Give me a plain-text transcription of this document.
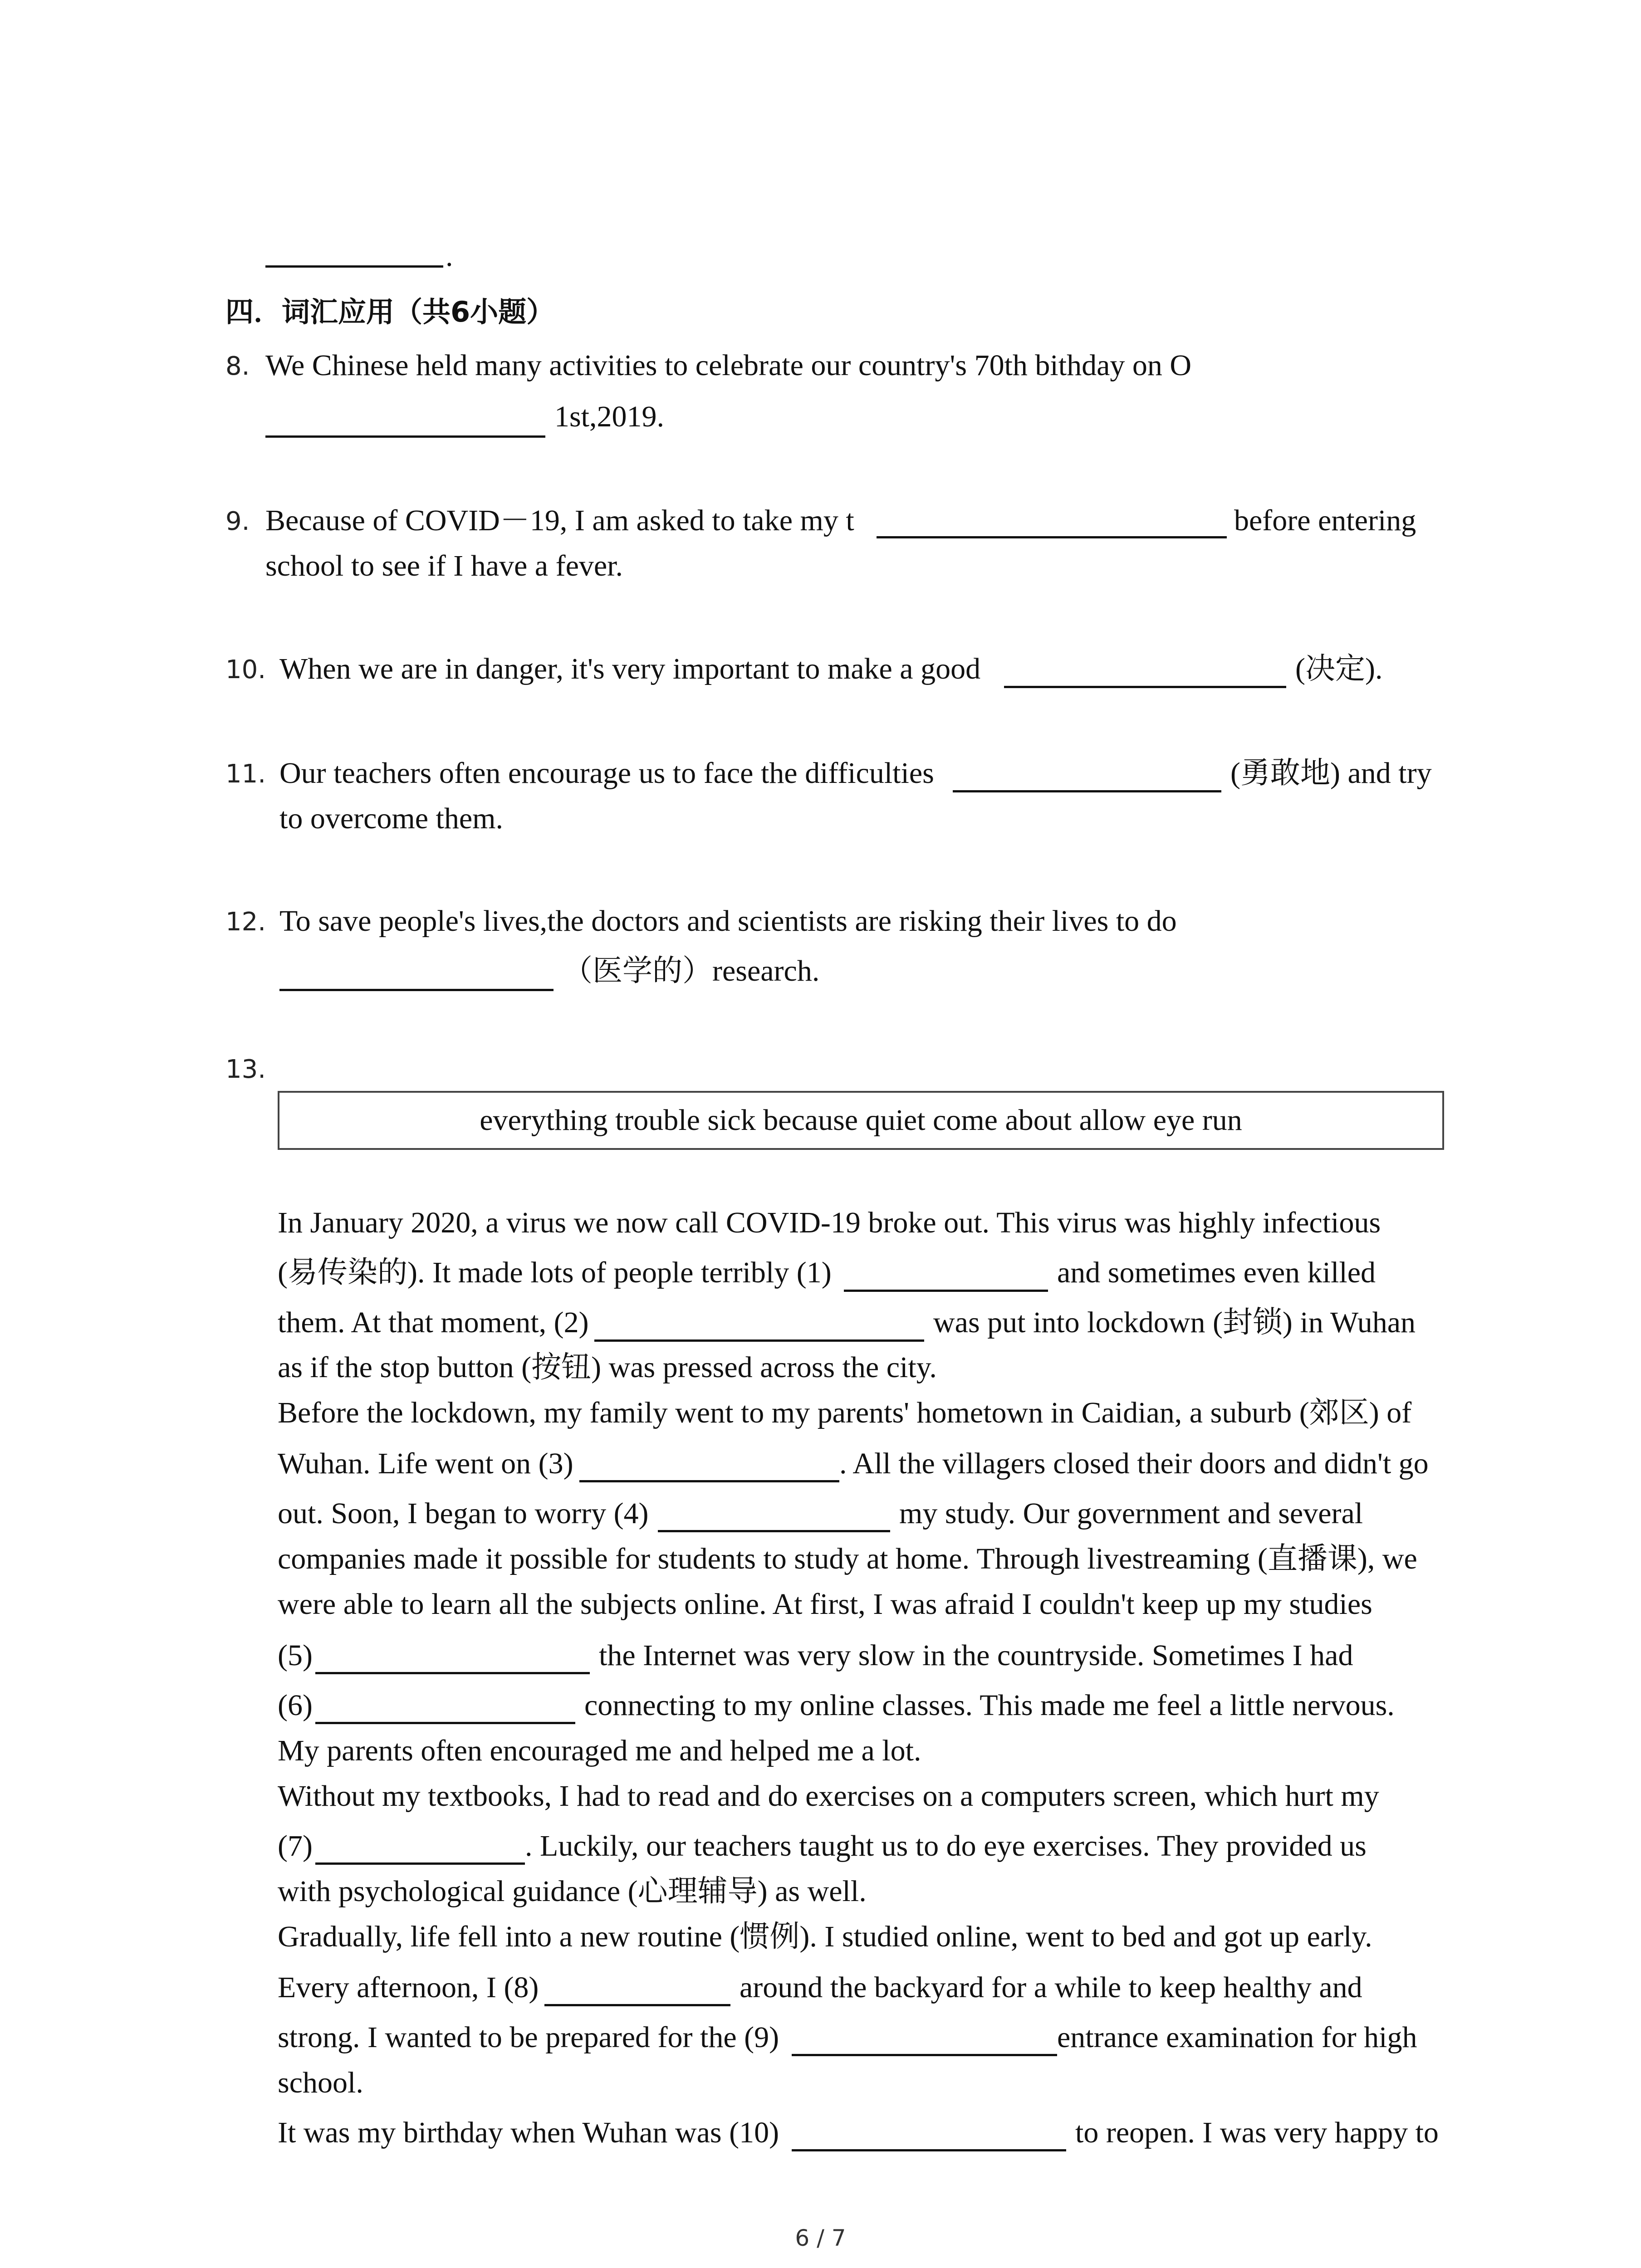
.
四．词汇应用（共6小题）
8. We Chinese held many activities to celebrate our country's 70th bithday on O
1st,2019.
9. Because of COVID－19, I am asked to take my t	before entering
school to see if I have a fever.
10. When we are in danger, it's very important to make a good	(决定).
11. Our teachers often encourage us to face the difficulties	(勇敢地) and try
to overcome them.
12. To save people's lives,the doctors and scientists are risking their lives to do
（医学的）research.
13.
everything trouble sick because quiet come about allow eye run
In January 2020, a virus we now call COVID-19 broke out. This virus was highly infectious
(易传染的). It made lots of people terribly (1)	and sometimes even killed
them. At that moment, (2)	was put into lockdown (封锁) in Wuhan
as if the stop button (按钮) was pressed across the city.
Before the lockdown, my family went to my parents' hometown in Caidian, a suburb (郊区) of
Wuhan. Life went on (3)	. All the villagers closed their doors and didn't go
out. Soon, I began to worry (4)	my study. Our government and several
companies made it possible for students to study at home. Through livestreaming (直播课), we
were able to learn all the subjects online. At first, I was afraid I couldn't keep up my studies
(5)	the Internet was very slow in the countryside. Sometimes I had
(6)	connecting to my online classes. This made me feel a little nervous.
My parents often encouraged me and helped me a lot.
Without my textbooks, I had to read and do exercises on a computers screen, which hurt my
(7)	. Luckily, our teachers taught us to do eye exercises. They provided us
with psychological guidance (心理辅导) as well.
Gradually, life fell into a new routine (惯例). I studied online, went to bed and got up early.
Every afternoon, I (8)	around the backyard for a while to keep healthy and
strong. I wanted to be prepared for the (9)	entrance examination for high
school.
It was my birthday when Wuhan was (10)	to reopen. I was very happy to
6 / 7
